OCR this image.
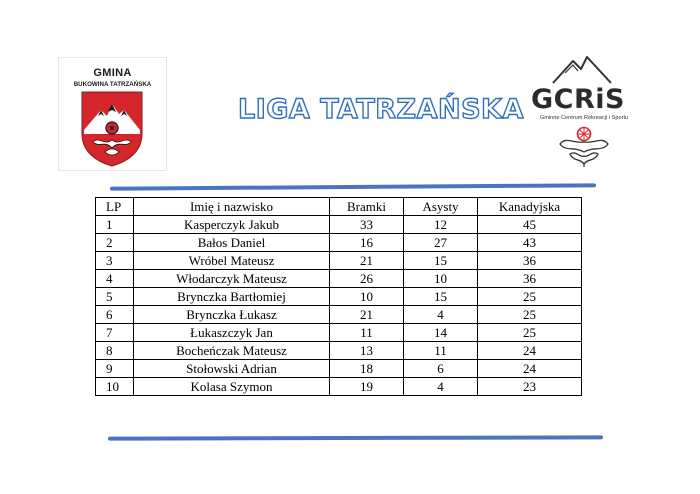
GMINA
BUKOWINA TATRZAŃSKA
LIGA TATRZAŃSKA GCRiS
Gminne Centrum Rekreacji i Sportu
LP	Imię i nazwisko	Bramki	Asysty	Kanadyjska
1	Kasperczyk Jakub	33	12	45
2	Bałos Daniel	16	27	43
3	Wróbel Mateusz	21	15	36
4	Włodarczyk Mateusz	26	10	36
5	Brynczka Bartłomiej	10	15	25
6	Brynczka Łukasz	21	4	25
7	Łukaszczyk Jan	11	14	25
8	Bocheńczak Mateusz	13	11	24
9	Stołowski Adrian	18	6	24
10	Kolasa Szymon	19	4	23
